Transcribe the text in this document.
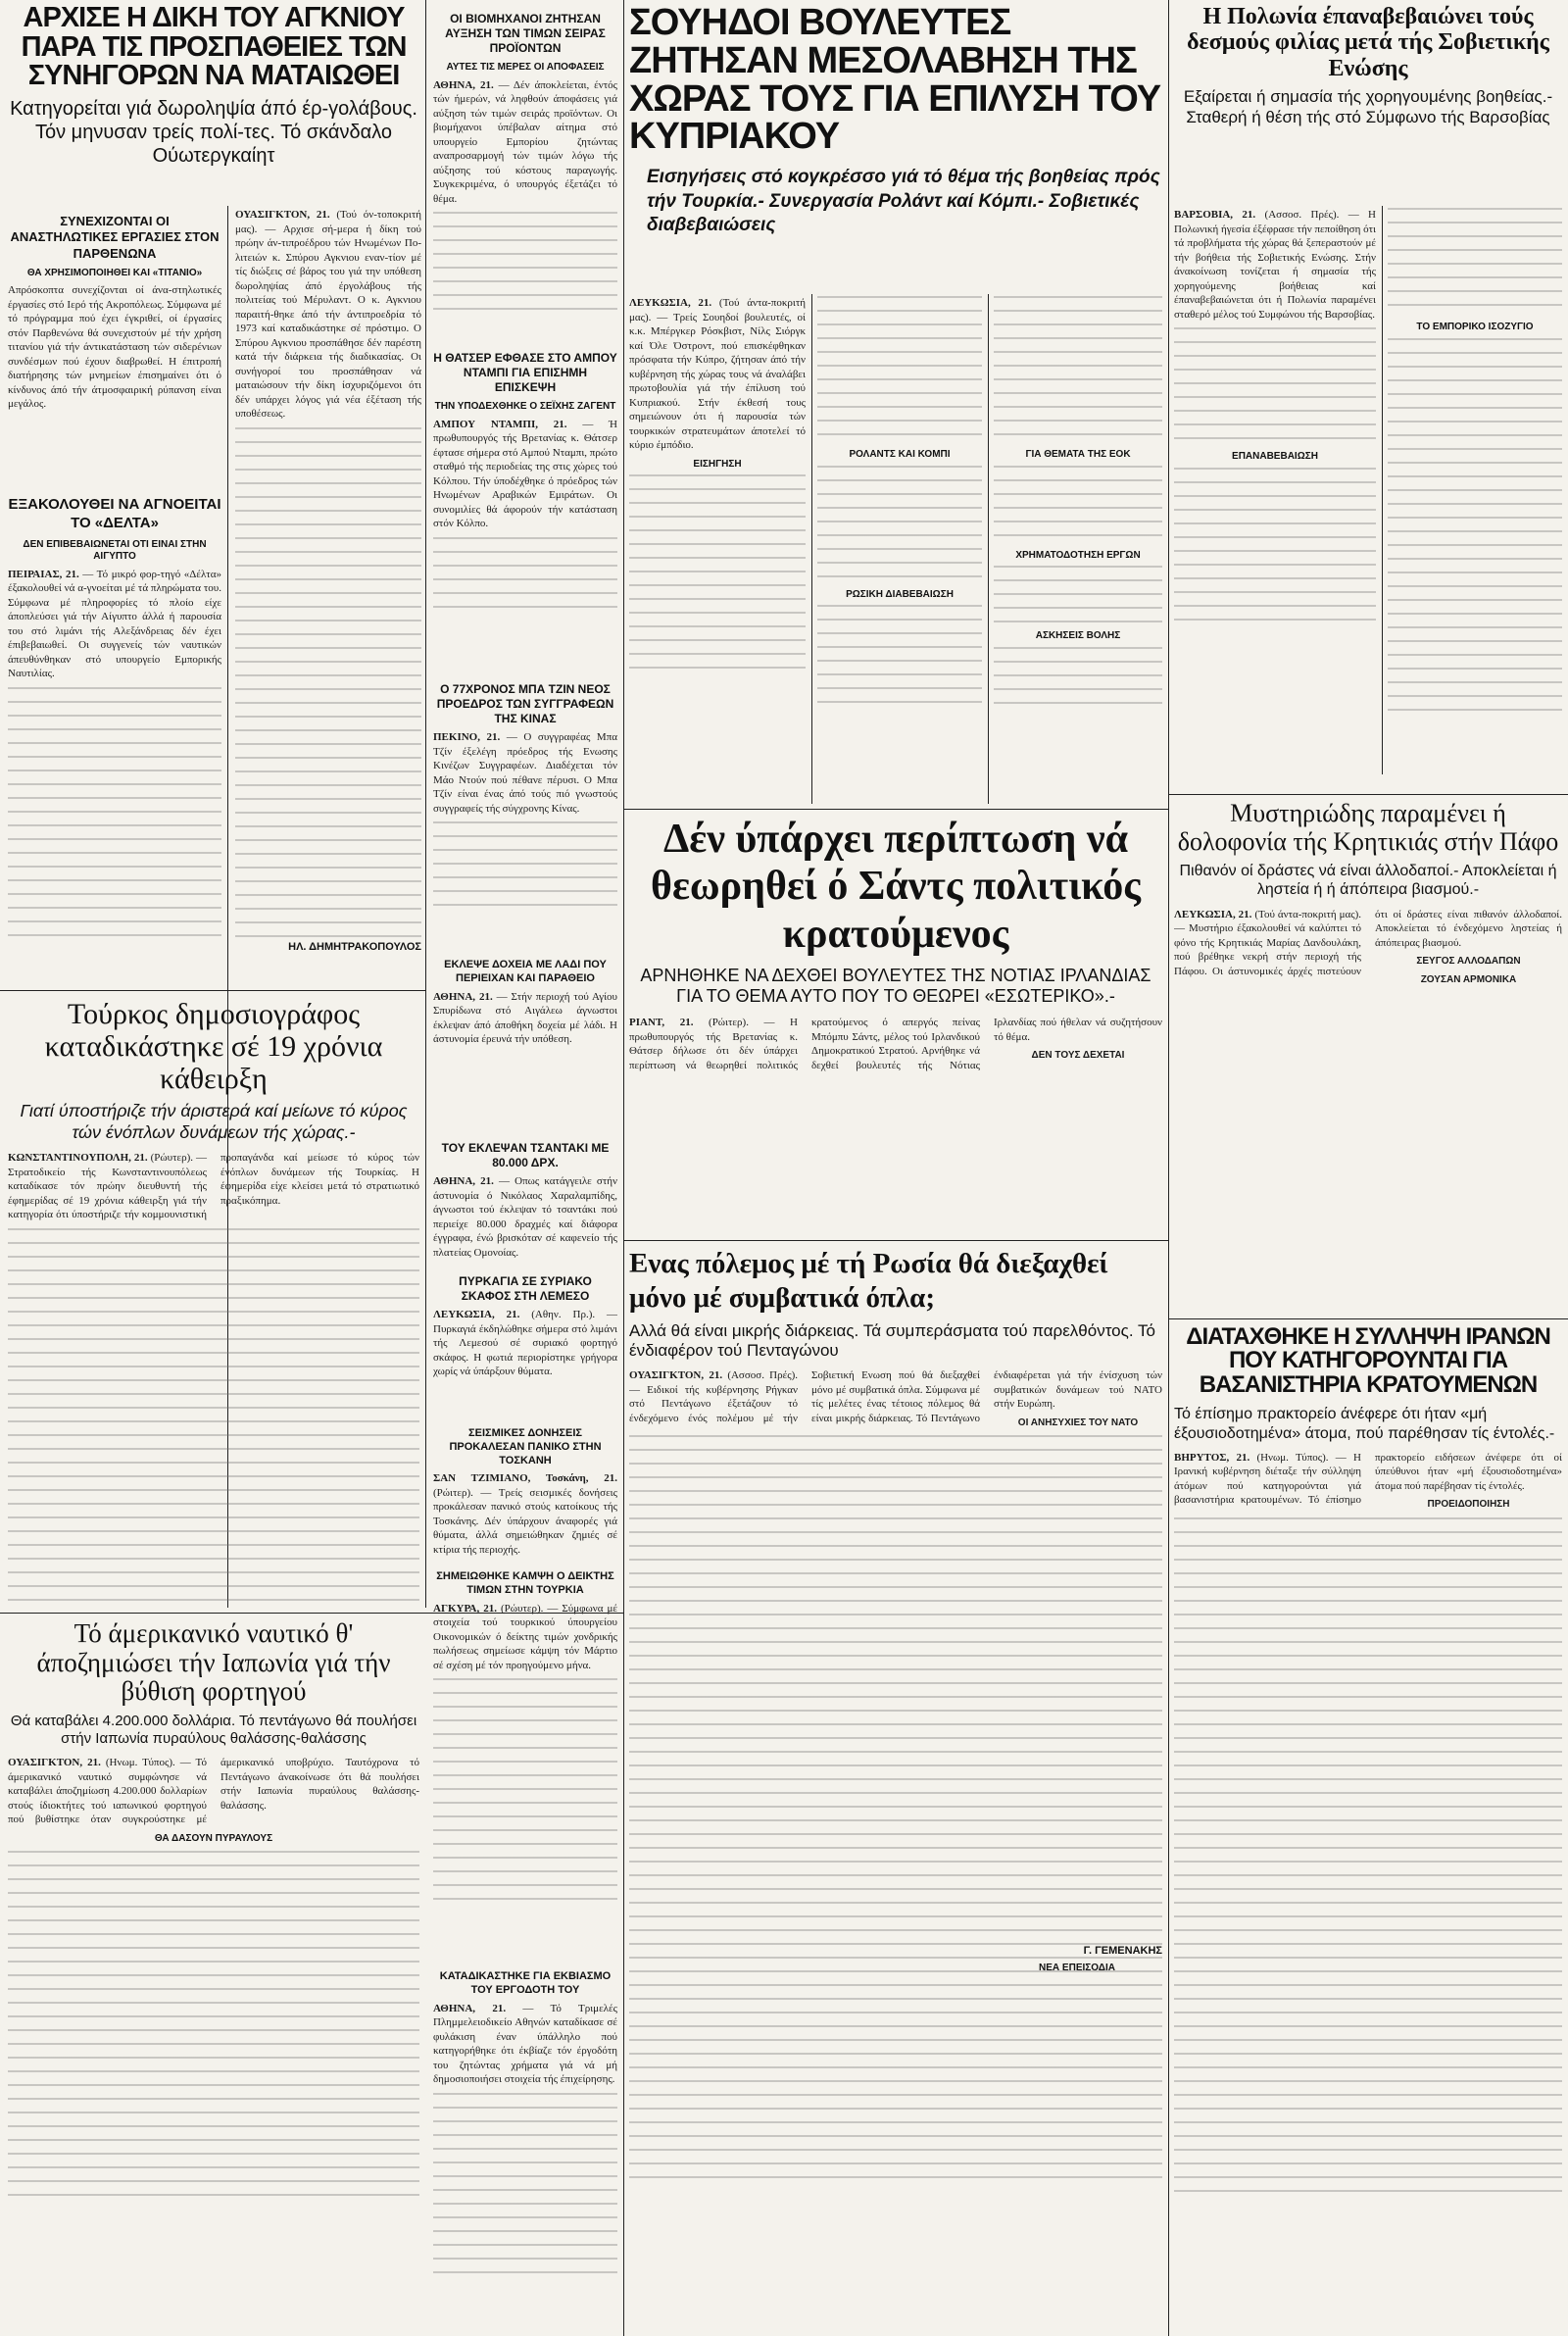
ΑΡΧΙΣΕ Η ΔΙΚΗ ΤΟΥ ΑΓΚΝΙΟΥ ΠΑΡΑ ΤΙΣ ΠΡΟΣΠΑΘΕΙΕΣ ΤΩΝ ΣΥΝΗΓΟΡΩΝ ΝΑ ΜΑΤΑΙΩΘΕΙ
Κατηγορείται γιά δωροληψία άπό έρ-γολάβους. Τόν μηνυσαν τρείς πολί-τες. Τό σκάνδαλο Ούωτεργκαίητ
ΣΥΝΕΧΙΖΟΝΤΑΙ ΟΙ ΑΝΑΣΤΗΛΩΤΙΚΕΣ ΕΡΓΑΣΙΕΣ ΣΤΟΝ ΠΑΡΘΕΝΩΝΑ
ΘΑ ΧΡΗΣΙΜΟΠΟΙΗΘΕΙ ΚΑΙ «ΤΙΤΑΝΙΟ»
Απρόσκοπτα συνεχίζονται οί άνα-στηλωτικές έργασίες στό Ιερό τής Ακροπόλεως. Σύμφωνα μέ τό πρόγραμμα πού έχει έγκριθεί, οί έργασίες στόν Παρθενώνα θά συνεχιστούν μέ τήν χρήση τιτανίου γιά τήν άντικατάσταση τών σιδερένιων συνδέσμων πού έχουν διαβρωθεί. Η έπιτροπή διατήρησης τών μνημείων έπισημαίνει ότι ό κίνδυνος άπό τήν άτμοσφαιρική ρύπανση είναι μεγάλος.
ΕΞΑΚΟΛΟΥΘΕΙ ΝΑ ΑΓΝΟΕΙΤΑΙ ΤΟ «ΔΕΛΤΑ»
ΔΕΝ ΕΠΙΒΕΒΑΙΩΝΕΤΑΙ ΟΤΙ ΕΙΝΑΙ ΣΤΗΝ ΑΙΓΥΠΤΟ
ΠΕΙΡΑΙΑΣ, 21. — Τό μικρό φορ-τηγό «Δέλτα» έξακολουθεί νά α-γνοείται μέ τά πληρώματα του. Σύμφωνα μέ πληροφορίες τό πλοίο είχε άποπλεύσει γιά τήν Αίγυπτο άλλά ή παρουσία του στό λιμάνι τής Αλεξάνδρειας δέν έχει έπιβεβαιωθεί. Οι συγγενείς τών ναυτικών άπευθύνθηκαν στό υπουργείο Εμπορικής Ναυτιλίας.
ΟΥΑΣΙΓΚΤΟΝ, 21. (Τού όν-τοποκριτή μας). — Αρχισε σή-μερα ή δίκη τού πρώην άν-τιπροέδρου τών Ηνωμένων Πο-λιτειών κ. Σπύρου Αγκνιου εναν-τίον μέ τίς διώξεις σέ βάρος του γιά την υπόθεση δωροληψίας άπό έργολάβους τής πολιτείας τού Μέρυλαντ. Ο κ. Αγκνιου παραιτή-θηκε άπό τήν άντιπροεδρία τό 1973 καί καταδικάστηκε σέ πρόστιμο. Ο Σπύρου Αγκνιου προσπάθησε δέν παρέστη κατά τήν διάρκεια τής διαδικασίας. Οι συνήγοροί του προσπάθησαν νά ματαιώσουν τήν δίκη ίσχυριζόμενοι ότι δέν υπάρχει λόγος γιά νέα έξέταση τής υποθέσεως.
ΗΛ. ΔΗΜΗΤΡΑΚΟΠΟΥΛΟΣ
Τούρκος δημοσιογράφος καταδικάστηκε σέ 19 χρόνια κάθειρξη
Γιατί ύποστήριζε τήν άριστερά καί μείωνε τό κύρος τών ένόπλων δυνάμεων τής χώρας.-
ΚΩΝΣΤΑΝΤΙΝΟΥΠΟΛΗ, 21. (Ρώυτερ). — Στρατοδικείο τής Κωνσταντινουπόλεως καταδίκασε τόν πρώην διευθυντή τής έφημερίδας σέ 19 χρόνια κάθειρξη γιά τήν κατηγορία ότι ύποστήριζε τήν κομμουνιστική προπαγάνδα καί μείωσε τό κύρος τών ένόπλων δυνάμεων τής Τουρκίας. Η έφημερίδα είχε κλείσει μετά τό στρατιωτικό πραξικόπημα.
ΟΙ ΒΙΟΜΗΧΑΝΟΙ ΖΗΤΗΣΑΝ ΑΥΞΗΣΗ ΤΩΝ ΤΙΜΩΝ ΣΕΙΡΑΣ ΠΡΟΪΟΝΤΩΝ
ΑΥΤΕΣ ΤΙΣ ΜΕΡΕΣ ΟΙ ΑΠΟΦΑΣΕΙΣ
ΑΘΗΝΑ, 21. — Δέν άποκλείεται, έντός τών ήμερών, νά ληφθούν άποφάσεις γιά αύξηση τών τιμών σειράς προϊόντων. Οι βιομήχανοι ύπέβαλαν αίτημα στό υπουργείο Εμπορίου ζητώντας αναπροσαρμογή τών τιμών λόγω τής αύξησης τού κόστους παραγωγής. Συγκεκριμένα, ό υπουργός έξετάζει τό θέμα.
Η ΘΑΤΣΕΡ ΕΦΘΑΣΕ ΣΤΟ ΑΜΠΟΥ ΝΤΑΜΠΙ ΓΙΑ ΕΠΙΣΗΜΗ ΕΠΙΣΚΕΨΗ
ΤΗΝ ΥΠΟΔΕΧΘΗΚΕ Ο ΣΕΪΧΗΣ ΖΑΓΕΝΤ
ΑΜΠΟΥ ΝΤΑΜΠΙ, 21. — Ή πρωθυπουργός τής Βρετανίας κ. Θάτσερ έφτασε σήμερα στό Αμπού Νταμπι, πρώτο σταθμό τής περιοδείας της στις χώρες τού Κόλπου. Τήν ύποδέχθηκε ό πρόεδρος τών Ηνωμένων Αραβικών Εμιράτων. Οι συνομιλίες θά άφορούν τήν κατάσταση στόν Κόλπο.
Ο 77ΧΡΟΝΟΣ ΜΠΑ ΤΖΙΝ ΝΕΟΣ ΠΡΟΕΔΡΟΣ ΤΩΝ ΣΥΓΓΡΑΦΕΩΝ ΤΗΣ ΚΙΝΑΣ
ΠΕΚΙΝΟ, 21. — Ο συγγραφέας Μπα Τζίν έξελέγη πρόεδρος τής Ενωσης Κινέζων Συγγραφέων. Διαδέχεται τόν Μάο Ντούν πού πέθανε πέρυσι. Ο Μπα Τζίν είναι ένας άπό τούς πιό γνωστούς συγγραφείς τής σύγχρονης Κίνας.
ΕΚΛΕΨΕ ΔΟΧΕΙΑ ΜΕ ΛΑΔΙ ΠΟΥ ΠΕΡΙΕΙΧΑΝ ΚΑΙ ΠΑΡΑΘΕΙΟ
ΑΘΗΝΑ, 21. — Στήν περιοχή τού Αγίου Σπυρίδωνα στό Αιγάλεω άγνωστοι έκλεψαν άπό άποθήκη δοχεία μέ λάδι. Η άστυνομία έρευνά τήν υπόθεση.
ΤΟΥ ΕΚΛΕΨΑΝ ΤΣΑΝΤΑΚΙ ΜΕ 80.000 ΔΡΧ.
ΑΘΗΝΑ, 21. — Οπως κατάγγειλε στήν άστυνομία ό Νικόλαος Χαραλαμπίδης, άγνωστοι τού έκλεψαν τό τσαντάκι πού περιείχε 80.000 δραχμές καί διάφορα έγγραφα, ένώ βρισκόταν σέ καφενείο τής πλατείας Ομονοίας.
ΠΥΡΚΑΓΙΑ ΣΕ ΣΥΡΙΑΚΟ ΣΚΑΦΟΣ ΣΤΗ ΛΕΜΕΣΟ
ΛΕΥΚΩΣΙΑ, 21. (Αθην. Πρ.). — Πυρκαγιά έκδηλώθηκε σήμερα στό λιμάνι τής Λεμεσού σέ συριακό φορτηγό σκάφος. Η φωτιά περιορίστηκε γρήγορα χωρίς νά ύπάρξουν θύματα.
ΣΕΙΣΜΙΚΕΣ ΔΟΝΗΣΕΙΣ ΠΡΟΚΑΛΕΣΑΝ ΠΑΝΙΚΟ ΣΤΗΝ ΤΟΣΚΑΝΗ
ΣΑΝ ΤΖΙΜΙΑΝΟ, Τοσκάνη, 21. (Ρώιτερ). — Τρείς σεισμικές δονήσεις προκάλεσαν πανικό στούς κατοίκους τής Τοσκάνης. Δέν ύπάρχουν άναφορές γιά θύματα, άλλά σημειώθηκαν ζημιές σέ κτίρια τής περιοχής.
ΣΗΜΕΙΩΘΗΚΕ ΚΑΜΨΗ Ο ΔΕΙΚΤΗΣ ΤΙΜΩΝ ΣΤΗΝ ΤΟΥΡΚΙΑ
ΑΓΚΥΡΑ, 21. (Ρώυτερ). — Σύμφωνα μέ στοιχεία τού τουρκικού ύπουργείου Οικονομικών ό δείκτης τιμών χονδρικής πωλήσεως σημείωσε κάμψη τόν Μάρτιο σέ σχέση μέ τόν προηγούμενο μήνα.
ΚΑΤΑΔΙΚΑΣΤΗΚΕ ΓΙΑ ΕΚΒΙΑΣΜΟ ΤΟΥ ΕΡΓΟΔΟΤΗ ΤΟΥ
ΑΘΗΝΑ, 21. — Τό Τριμελές Πλημμελειοδικείο Αθηνών καταδίκασε σέ φυλάκιση έναν ύπάλληλο πού κατηγορήθηκε ότι έκβίαζε τόν έργοδότη του ζητώντας χρήματα γιά νά μή δημοσιοποιήσει στοιχεία τής έπιχείρησης.
Τό άμερικανικό ναυτικό θ' άποζημιώσει τήν Ιαπωνία γιά τήν βύθιση φορτηγού
Θά καταβάλει 4.200.000 δολλάρια. Τό πεντάγωνο θά πουλήσει στήν Ιαπωνία πυραύλους θαλάσσης-θαλάσσης
ΟΥΑΣΙΓΚΤΟΝ, 21. (Ηνωμ. Τύπος). — Τό άμερικανικό ναυτικό συμφώνησε νά καταβάλει άποζημίωση 4.200.000 δολλαρίων στούς ίδιοκτήτες τού ιαπωνικού φορτηγού πού βυθίστηκε όταν συγκρούστηκε μέ άμερικανικό υποβρύχιο. Ταυτόχρονα τό Πεντάγωνο άνακοίνωσε ότι θά πουλήσει στήν Ιαπωνία πυραύλους θαλάσσης-θαλάσσης.
ΘΑ ΔΑΣΟΥΝ ΠΥΡΑΥΛΟΥΣ
ΣΟΥΗΔΟΙ ΒΟΥΛΕΥΤΕΣ ΖΗΤΗΣΑΝ ΜΕΣΟΛΑΒΗΣΗ ΤΗΣ ΧΩΡΑΣ ΤΟΥΣ ΓΙΑ ΕΠΙΛΥΣΗ ΤΟΥ ΚΥΠΡΙΑΚΟΥ
Εισηγήσεις στό κογκρέσσο γιά τό θέμα τής βοηθείας πρός τήν Τουρκία.- Συνεργασία Ρολάντ καί Κόμπι.- Σοβιετικές διαβεβαιώσεις
ΛΕΥΚΩΣΙΑ, 21. (Τού άντα-ποκριτή μας). — Τρείς Σουηδοί βουλευτές, οί κ.κ. Μπέργκερ Ρόσκβιστ, Νίλς Σιόργκ καί Όλε Όστροντ, πού επισκέφθηκαν πρόσφατα τήν Κύπρο, ζήτησαν άπό τήν κυβέρνηση τής χώρας τους νά άναλάβει πρωτοβουλία γιά τήν έπίλυση τού Κυπριακού. Στήν έκθεσή τους σημειώνουν ότι ή παρουσία τών τουρκικών στρατευμάτων άποτελεί τό κύριο έμπόδιο.
ΕΙΣΗΓΗΣΗ
ΡΟΛΑΝΤΣ ΚΑΙ ΚΟΜΠΙ
ΡΩΣΙΚΗ ΔΙΑΒΕΒΑΙΩΣΗ
ΓΙΑ ΘΕΜΑΤΑ ΤΗΣ ΕΟΚ
ΧΡΗΜΑΤΟΔΟΤΗΣΗ ΕΡΓΩΝ
ΑΣΚΗΣΕΙΣ ΒΟΛΗΣ
Δέν ύπάρχει περίπτωση νά θεωρηθεί ό Σάντς πολιτικός κρατούμενος
ΑΡΝΗΘΗΚΕ ΝΑ ΔΕΧΘΕΙ ΒΟΥΛΕΥΤΕΣ ΤΗΣ ΝΟΤΙΑΣ ΙΡΛΑΝΔΙΑΣ ΓΙΑ ΤΟ ΘΕΜΑ ΑΥΤΟ ΠΟΥ ΤΟ ΘΕΩΡΕΙ «ΕΣΩΤΕΡΙΚΟ».-
ΡΙΑΝΤ, 21. (Ρώιτερ). — Η πρωθυπουργός τής Βρετανίας κ. Θάτσερ δήλωσε ότι δέν ύπάρχει περίπτωση νά θεωρηθεί πολιτικός κρατούμενος ό απεργός πείνας Μπόμπυ Σάντς, μέλος τού Ιρλανδικού Δημοκρατικού Στρατού. Αρνήθηκε νά δεχθεί βουλευτές τής Νότιας Ιρλανδίας πού ήθελαν νά συζητήσουν τό θέμα.
ΔΕΝ ΤΟΥΣ ΔΕΧΕΤΑΙ
Ενας πόλεμος μέ τή Ρωσία θά διεξαχθεί μόνο μέ συμβατικά όπλα;
Αλλά θά είναι μικρής διάρκειας. Τά συμπεράσματα τού παρελθόντος. Τό ένδιαφέρον τού Πενταγώνου
ΟΥΑΣΙΓΚΤΟΝ, 21. (Ασσοσ. Πρές). — Ειδικοί τής κυβέρνησης Ρήγκαν στό Πεντάγωνο έξετάζουν τό ένδεχόμενο ένός πολέμου μέ τήν Σοβιετική Ενωση πού θά διεξαχθεί μόνο μέ συμβατικά όπλα. Σύμφωνα μέ τίς μελέτες ένας τέτοιος πόλεμος θά είναι μικρής διάρκειας. Τό Πεντάγωνο ένδιαφέρεται γιά τήν ένίσχυση τών συμβατικών δυνάμεων τού ΝΑΤΟ στήν Ευρώπη.
ΟΙ ΑΝΗΣΥΧΙΕΣ ΤΟΥ ΝΑΤΟ
Γ. ΓΕΜΕΝΑΚΗΣ
ΝΕΑ ΕΠΕΙΣΟΔΙΑ
Η Πολωνία έπαναβεβαιώνει τούς δεσμούς φιλίας μετά τής Σοβιετικής Ενώσης
Εξαίρεται ή σημασία τής χορηγουμένης βοηθείας.- Σταθερή ή θέση τής στό Σύμφωνο τής Βαρσοβίας
ΒΑΡΣΟΒΙΑ, 21. (Ασσοσ. Πρές). — Η Πολωνική ήγεσία έξέφρασε τήν πεποίθηση ότι τά προβλήματα τής χώρας θά ξεπεραστούν μέ τήν βοήθεια τής Σοβιετικής Ενώσης. Στήν άνακοίνωση τονίζεται ή σημασία τής χορηγούμενης βοήθειας καί έπαναβεβαιώνεται ότι ή Πολωνία παραμένει σταθερό μέλος τού Συμφώνου τής Βαρσοβίας.
ΕΠΑΝΑΒΕΒΑΙΩΣΗ
ΤΟ ΕΜΠΟΡΙΚΟ ΙΣΟΖΥΓΙΟ
Μυστηριώδης παραμένει ή δολοφονία τής Κρητικιάς στήν Πάφο
Πιθανόν οί δράστες νά είναι άλλοδαποί.- Αποκλείεται ή ληστεία ή ή άπόπειρα βιασμού.-
ΛΕΥΚΩΣΙΑ, 21. (Τού άντα-ποκριτή μας). — Μυστήριο έξακολουθεί νά καλύπτει τό φόνο τής Κρητικιάς Μαρίας Δανδουλάκη, πού βρέθηκε νεκρή στήν περιοχή τής Πάφου. Οι άστυνομικές άρχές πιστεύουν ότι οί δράστες είναι πιθανόν άλλοδαποί. Αποκλείεται τό ένδεχόμενο ληστείας ή άπόπειρας βιασμού.
ΣΕΥΓΟΣ ΑΛΛΟΔΑΠΩΝ
ΖΟΥΣΑΝ ΑΡΜΟΝΙΚΑ
ΔΙΑΤΑΧΘΗΚΕ Η ΣΥΛΛΗΨΗ ΙΡΑΝΩΝ ΠΟΥ ΚΑΤΗΓΟΡΟΥΝΤΑΙ ΓΙΑ ΒΑΣΑΝΙΣΤΗΡΙΑ ΚΡΑΤΟΥΜΕΝΩΝ
Τό έπίσημο πρακτορείο άνέφερε ότι ήταν «μή έξουσιοδοτημένα» άτομα, πού παρέθησαν τίς έντολές.-
ΒΗΡΥΤΟΣ, 21. (Ηνωμ. Τύπος). — Η Ιρανική κυβέρνηση διέταξε τήν σύλληψη άτόμων πού κατηγορούνται γιά βασανιστήρια κρατουμένων. Τό έπίσημο πρακτορείο ειδήσεων άνέφερε ότι οί ύπεύθυνοι ήταν «μή έξουσιοδοτημένα» άτομα πού παρέβησαν τίς έντολές.
ΠΡΟΕΙΔΟΠΟΙΗΣΗ
